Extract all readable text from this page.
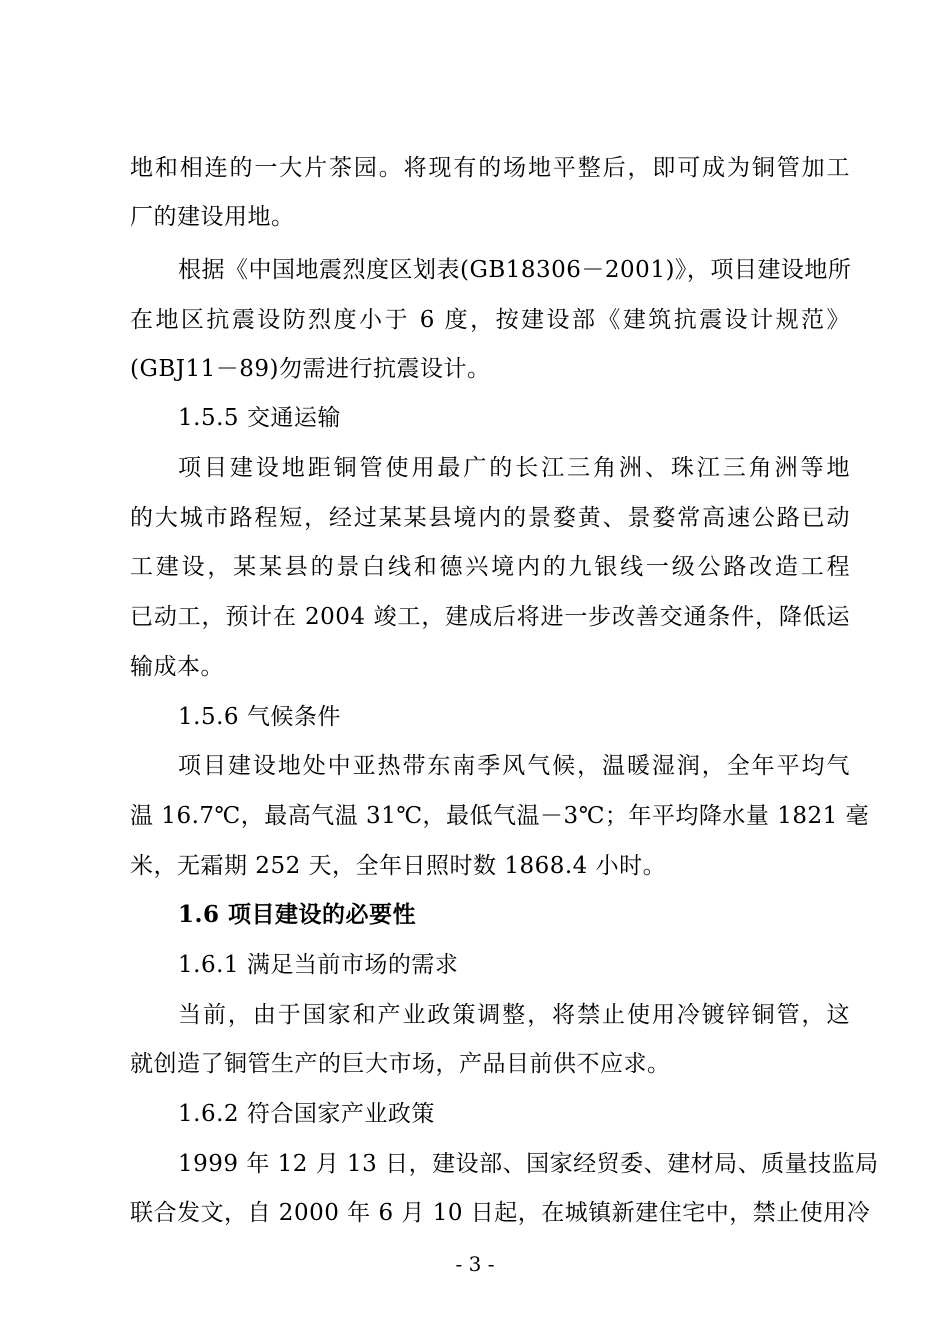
地和相连的一大片茶园。将现有的场地平整后，即可成为铜管加工
厂的建设用地。
根据《中国地震烈度区划表(GB18306－2001)》，项目建设地所
在地区抗震设防烈度小于 6 度，按建设部《建筑抗震设计规范》
(GBJ11－89)勿需进行抗震设计。
1.5.5 交通运输
项目建设地距铜管使用最广的长江三角洲、珠江三角洲等地
的大城市路程短，经过某某县境内的景婺黄、景婺常高速公路已动
工建设，某某县的景白线和德兴境内的九银线一级公路改造工程
已动工，预计在 2004 竣工，建成后将进一步改善交通条件，降低运
输成本。
1.5.6 气候条件
项目建设地处中亚热带东南季风气候，温暖湿润，全年平均气
温 16.7℃，最高气温 31℃，最低气温－3℃；年平均降水量 1821 毫
米，无霜期 252 天，全年日照时数 1868.4 小时。
1.6 项目建设的必要性
1.6.1 满足当前市场的需求
当前，由于国家和产业政策调整，将禁止使用冷镀锌铜管，这
就创造了铜管生产的巨大市场，产品目前供不应求。
1.6.2 符合国家产业政策
1999 年 12 月 13 日，建设部、国家经贸委、建材局、质量技监局
联合发文，自 2000 年 6 月 10 日起，在城镇新建住宅中，禁止使用冷
- 3 -
